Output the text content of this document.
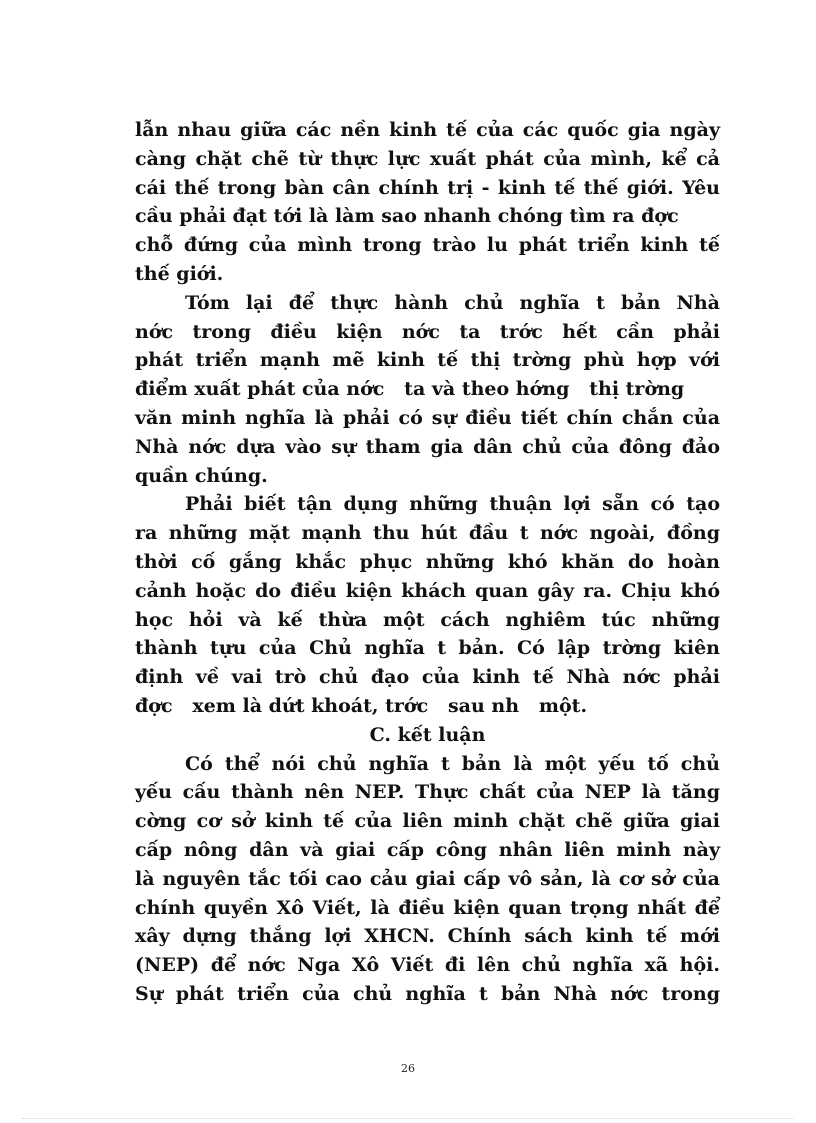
lẫn nhau giữa các nền kinh tế của các quốc gia ngày
càng chặt chẽ từ thực lực xuất phát của mình, kể cả
cái thế trong bàn cân chính trị - kinh tế thế giới. Yêu
cầu phải đạt tới là làm sao nhanh chóng tìm ra đợc
chỗ đứng của mình trong trào lu phát triển kinh tế
thế giới.
Tóm lại để thực hành chủ nghĩa t bản Nhà
nớc trong điều kiện nớc ta trớc hết cần phải
phát triển mạnh mẽ kinh tế thị trờng phù hợp với
điểm xuất phát của nớc   ta và theo hớng   thị trờng
văn minh nghĩa là phải có sự điều tiết chín chắn của
Nhà nớc dựa vào sự tham gia dân chủ của đông đảo
quần chúng.
Phải biết tận dụng những thuận lợi sẵn có tạo
ra những mặt mạnh thu hút đầu t nớc ngoài, đồng
thời cố gắng khắc phục những khó khăn do hoàn
cảnh hoặc do điều kiện khách quan gây ra. Chịu khó
học hỏi và kế thừa một cách nghiêm túc những
thành tựu của Chủ nghĩa t bản. Có lập trờng kiên
định về vai trò chủ đạo của kinh tế Nhà nớc phải
đợc   xem là dứt khoát, trớc   sau nh   một.
C. kết luận
Có thể nói chủ nghĩa t bản là một yếu tố chủ
yếu cấu thành nên NEP. Thực chất của NEP là tăng
cờng cơ sở kinh tế của liên minh chặt chẽ giữa giai
cấp nông dân và giai cấp công nhân liên minh này
là nguyên tắc tối cao cảu giai cấp vô sản, là cơ sở của
chính quyền Xô Viết, là điều kiện quan trọng nhất để
xây dựng thắng lợi XHCN. Chính sách kinh tế mới
(NEP) để nớc Nga Xô Viết đi lên chủ nghĩa xã hội.
Sự phát triển của chủ nghĩa t bản Nhà nớc trong
26
